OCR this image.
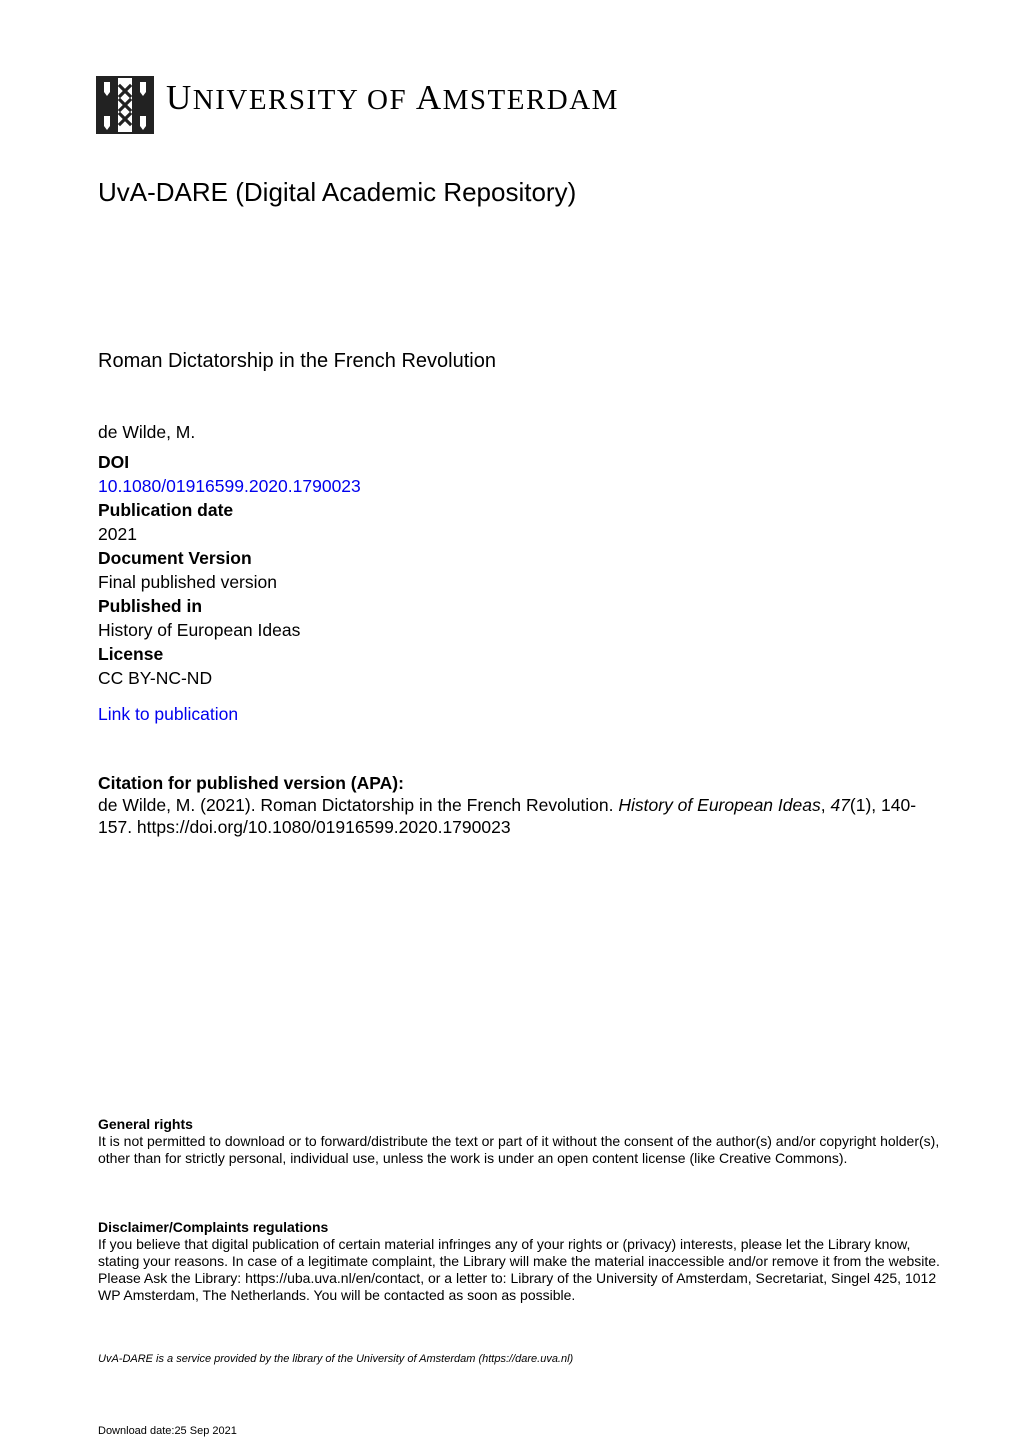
UNIVERSITY OF AMSTERDAM
UvA-DARE (Digital Academic Repository)
Roman Dictatorship in the French Revolution
de Wilde, M.
DOI
10.1080/01916599.2020.1790023
Publication date
2021
Document Version
Final published version
Published in
History of European Ideas
License
CC BY-NC-ND
Link to publication
Citation for published version (APA):
de Wilde, M. (2021). Roman Dictatorship in the French Revolution. History of European Ideas, 47(1), 140-157. https://doi.org/10.1080/01916599.2020.1790023
General rights
It is not permitted to download or to forward/distribute the text or part of it without the consent of the author(s) and/or copyright holder(s), other than for strictly personal, individual use, unless the work is under an open content license (like Creative Commons).
Disclaimer/Complaints regulations
If you believe that digital publication of certain material infringes any of your rights or (privacy) interests, please let the Library know, stating your reasons. In case of a legitimate complaint, the Library will make the material inaccessible and/or remove it from the website. Please Ask the Library: https://uba.uva.nl/en/contact, or a letter to: Library of the University of Amsterdam, Secretariat, Singel 425, 1012 WP Amsterdam, The Netherlands. You will be contacted as soon as possible.
UvA-DARE is a service provided by the library of the University of Amsterdam (https://dare.uva.nl)
Download date:25 Sep 2021
